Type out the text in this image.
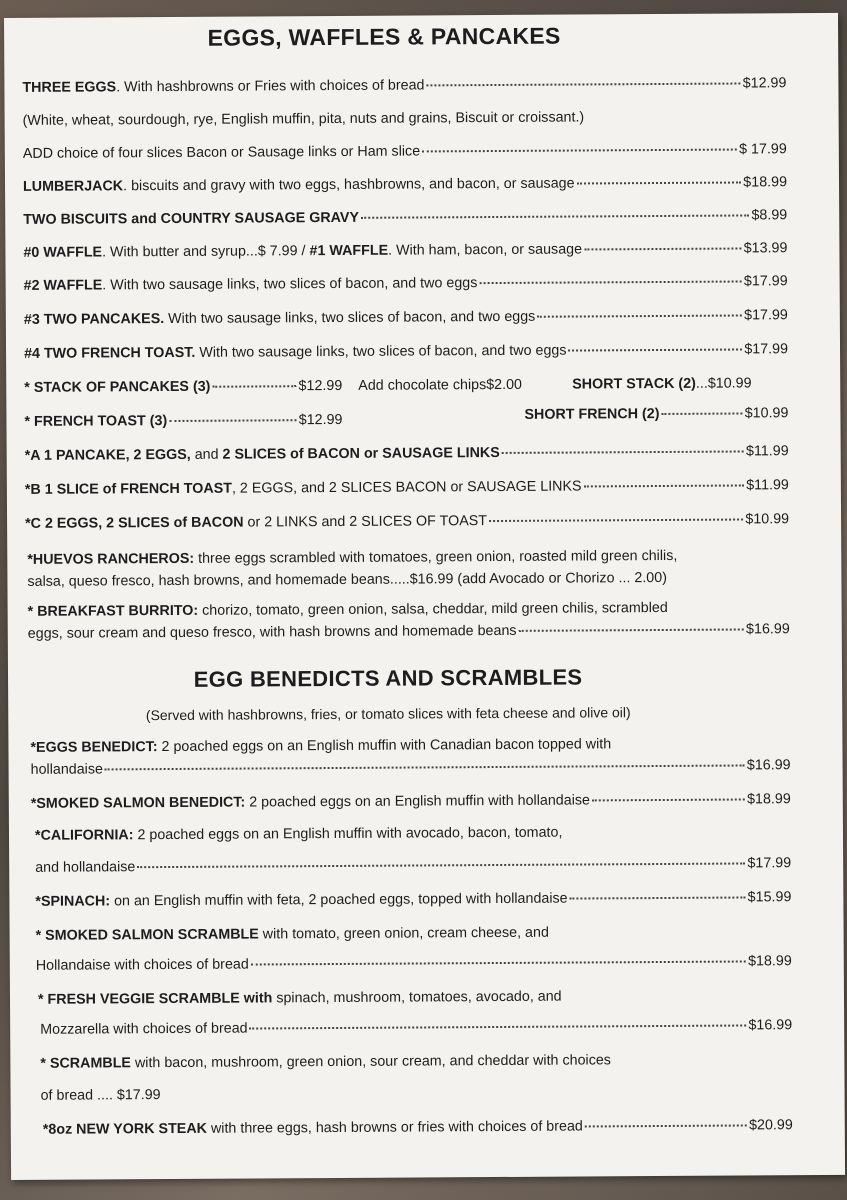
EGGS, WAFFLES & PANCAKES
THREE EGGS. With hashbrowns or Fries with choices of bread	$12.99
(White, wheat, sourdough, rye, English muffin, pita, nuts and grains, Biscuit or croissant.)
ADD choice of four slices Bacon or Sausage links or Ham slice	$ 17.99
LUMBERJACK. biscuits and gravy with two eggs, hashbrowns, and bacon, or sausage	$18.99
TWO BISCUITS and COUNTRY SAUSAGE GRAVY	$8.99
#0 WAFFLE. With butter and syrup...$ 7.99 / #1 WAFFLE. With ham, bacon, or sausage	$13.99
#2 WAFFLE. With two sausage links, two slices of bacon, and two eggs	$17.99
#3 TWO PANCAKES. With two sausage links, two slices of bacon, and two eggs	$17.99
#4 TWO FRENCH TOAST. With two sausage links, two slices of bacon, and two eggs	$17.99
* STACK OF PANCAKES (3)	$12.99 Add chocolate chips$2.00	SHORT STACK (2)...$10.99
* FRENCH TOAST (3)	$12.99	SHORT FRENCH (2)	$10.99
*A 1 PANCAKE, 2 EGGS, and 2 SLICES of BACON or SAUSAGE LINKS	$11.99
*B 1 SLICE of FRENCH TOAST, 2 EGGS, and 2 SLICES BACON or SAUSAGE LINKS	$11.99
*C 2 EGGS, 2 SLICES of BACON or 2 LINKS and 2 SLICES OF TOAST	$10.99
*HUEVOS RANCHEROS: three eggs scrambled with tomatoes, green onion, roasted mild green chilis,
salsa, queso fresco, hash browns, and homemade beans.....$16.99 (add Avocado or Chorizo ... 2.00)
* BREAKFAST BURRITO: chorizo, tomato, green onion, salsa, cheddar, mild green chilis, scrambled
eggs, sour cream and queso fresco, with hash browns and homemade beans	$16.99
EGG BENEDICTS AND SCRAMBLES
(Served with hashbrowns, fries, or tomato slices with feta cheese and olive oil)
*EGGS BENEDICT: 2 poached eggs on an English muffin with Canadian bacon topped with
hollandaise	$16.99
*SMOKED SALMON BENEDICT: 2 poached eggs on an English muffin with hollandaise	$18.99
*CALIFORNIA: 2 poached eggs on an English muffin with avocado, bacon, tomato,
and hollandaise	$17.99
*SPINACH: on an English muffin with feta, 2 poached eggs, topped with hollandaise	$15.99
* SMOKED SALMON SCRAMBLE with tomato, green onion, cream cheese, and
Hollandaise with choices of bread	$18.99
* FRESH VEGGIE SCRAMBLE with spinach, mushroom, tomatoes, avocado, and
Mozzarella with choices of bread	$16.99
* SCRAMBLE with bacon, mushroom, green onion, sour cream, and cheddar with choices
of bread .... $17.99
*8oz NEW YORK STEAK with three eggs, hash browns or fries with choices of bread	$20.99
